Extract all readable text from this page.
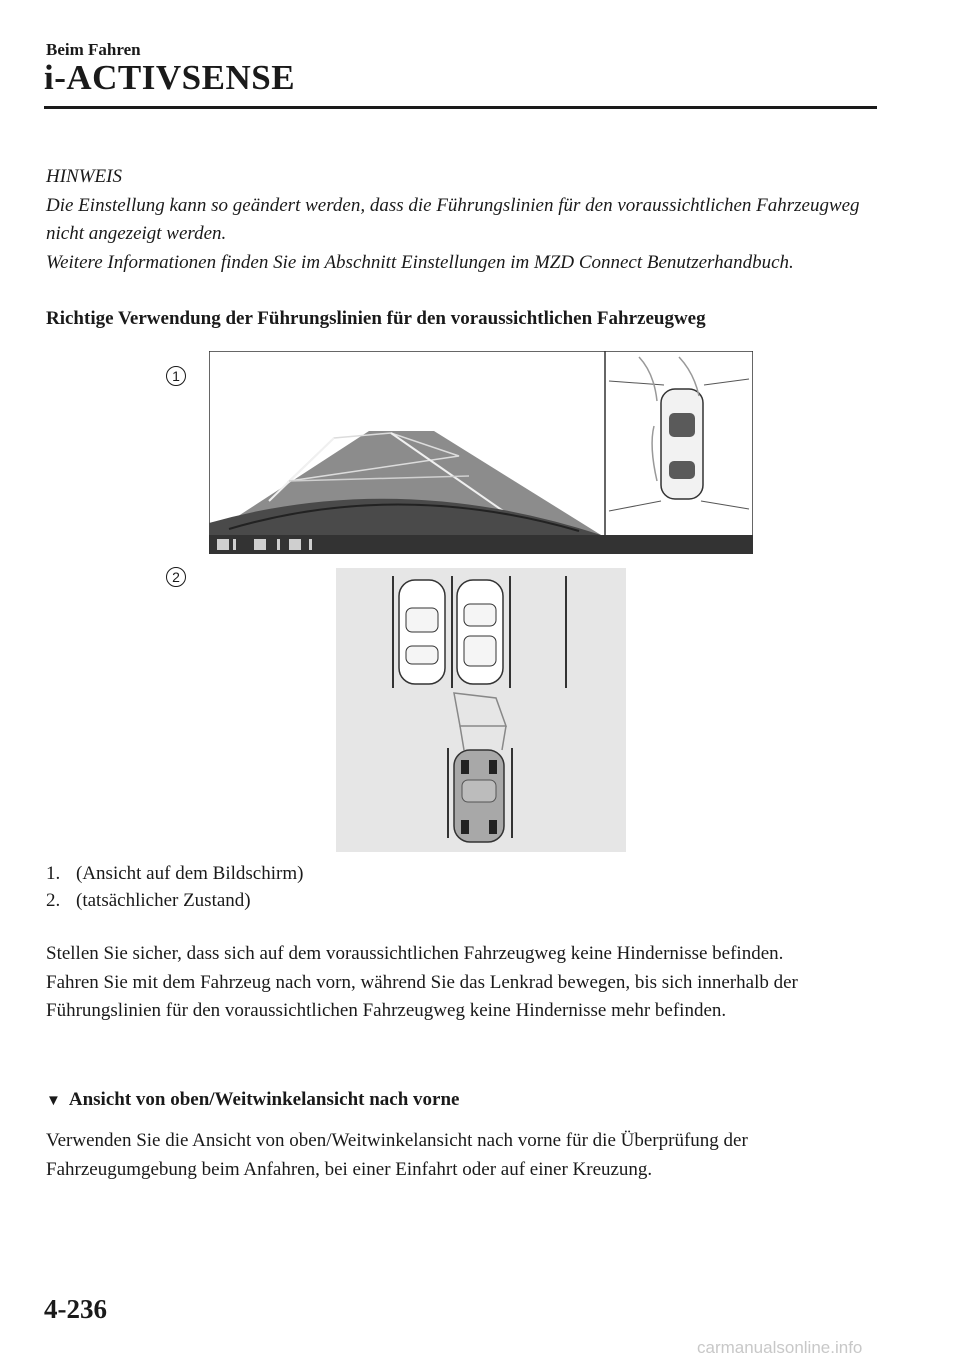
Beim Fahren
i-ACTIVSENSE

HINWEIS

Die Einstellung kann so geändert werden, dass die Führungslinien für den voraussichtlichen Fahrzeugweg nicht angezeigt werden.

Weitere Informationen finden Sie im Abschnitt Einstellungen im MZD Connect Benutzerhandbuch.

Richtige Verwendung der Führungslinien für den voraussichtlichen Fahrzeugweg
1
2
1. (Ansicht auf dem Bildschirm)
2. (tatsächlicher Zustand)

Stellen Sie sicher, dass sich auf dem voraussichtlichen Fahrzeugweg keine Hindernisse befinden.

Fahren Sie mit dem Fahrzeug nach vorn, während Sie das Lenkrad bewegen, bis sich innerhalb der Führungslinien für den voraussichtlichen Fahrzeugweg keine Hindernisse mehr befinden.

▼ Ansicht von oben/Weitwinkelansicht nach vorne
Verwenden Sie die Ansicht von oben/Weitwinkelansicht nach vorne für die Überprüfung der Fahrzeugumgebung beim Anfahren, bei einer Einfahrt oder auf einer Kreuzung.
4-236
carmanualsonline.info
